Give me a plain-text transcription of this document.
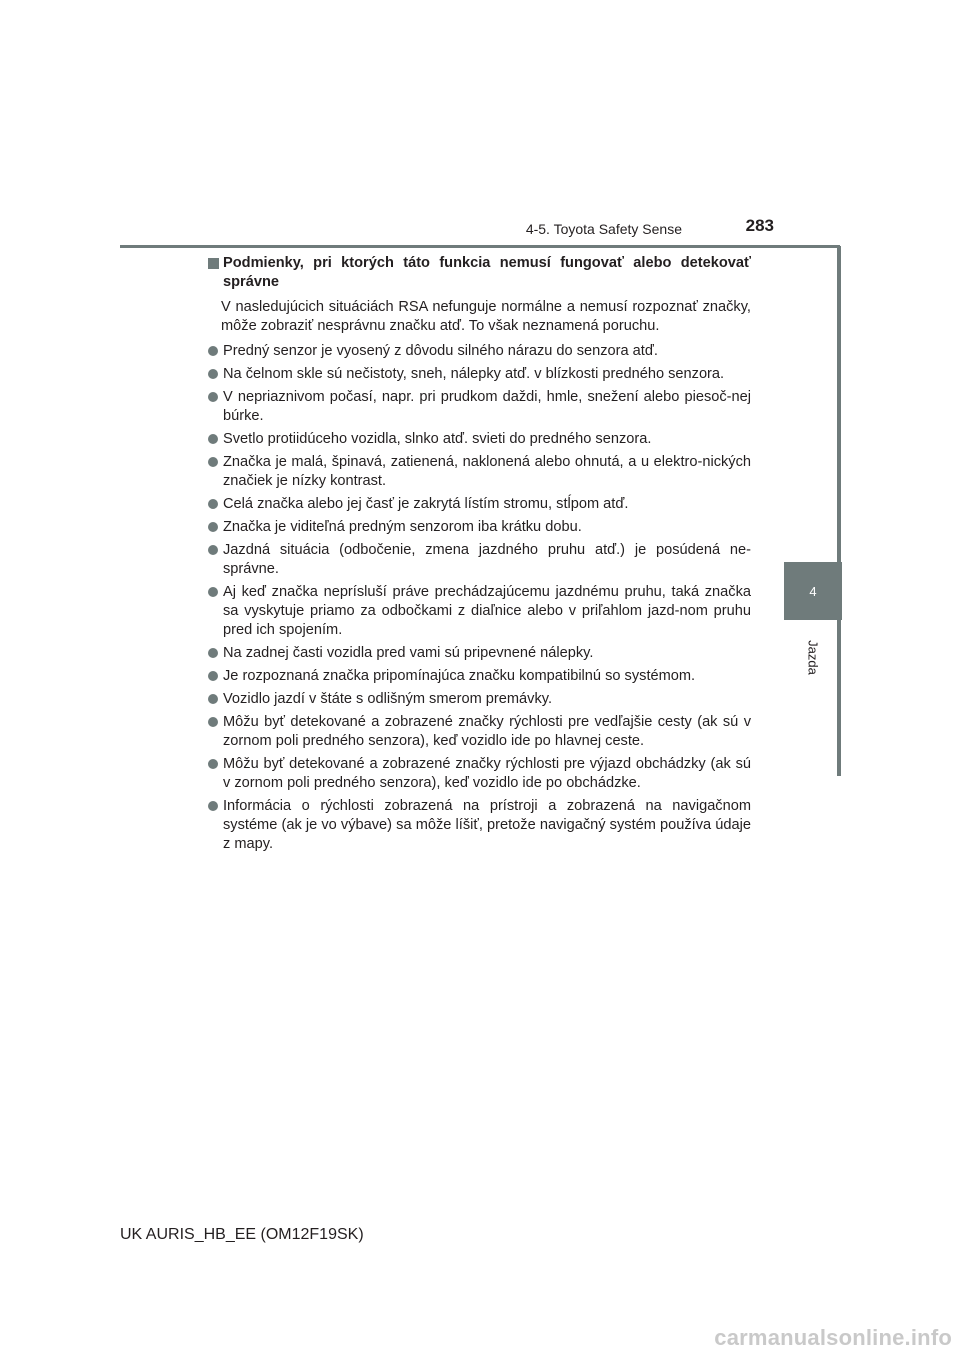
4-5. Toyota Safety Sense	283
4
Jazda
Podmienky, pri ktorých táto funkcia nemusí fungovať alebo detekovať správne
V nasledujúcich situáciách RSA nefunguje normálne a nemusí rozpoznať značky, môže zobraziť nesprávnu značku atď. To však neznamená poruchu.
Predný senzor je vyosený z dôvodu silného nárazu do senzora atď.
Na čelnom skle sú nečistoty, sneh, nálepky atď. v blízkosti predného senzora.
V nepriaznivom počasí, napr. pri prudkom daždi, hmle, snežení alebo piesoč-nej búrke.
Svetlo protiidúceho vozidla, slnko atď. svieti do predného senzora.
Značka je malá, špinavá, zatienená, naklonená alebo ohnutá, a u elektro-nických značiek je nízky kontrast.
Celá značka alebo jej časť je zakrytá lístím stromu, stĺpom atď.
Značka je viditeľná predným senzorom iba krátku dobu.
Jazdná situácia (odbočenie, zmena jazdného pruhu atď.) je posúdená ne-správne.
Aj keď značka neprísluší práve prechádzajúcemu jazdnému pruhu, taká značka sa vyskytuje priamo za odbočkami z diaľnice alebo v priľahlom jazd-nom pruhu pred ich spojením.
Na zadnej časti vozidla pred vami sú pripevnené nálepky.
Je rozpoznaná značka pripomínajúca značku kompatibilnú so systémom.
Vozidlo jazdí v štáte s odlišným smerom premávky.
Môžu byť detekované a zobrazené značky rýchlosti pre vedľajšie cesty (ak sú v zornom poli predného senzora), keď vozidlo ide po hlavnej ceste.
Môžu byť detekované a zobrazené značky rýchlosti pre výjazd obchádzky (ak sú v zornom poli predného senzora), keď vozidlo ide po obchádzke.
Informácia o rýchlosti zobrazená na prístroji a zobrazená na navigačnom systéme (ak je vo výbave) sa môže líšiť, pretože navigačný systém používa údaje z mapy.
UK AURIS_HB_EE (OM12F19SK)
carmanualsonline.info
